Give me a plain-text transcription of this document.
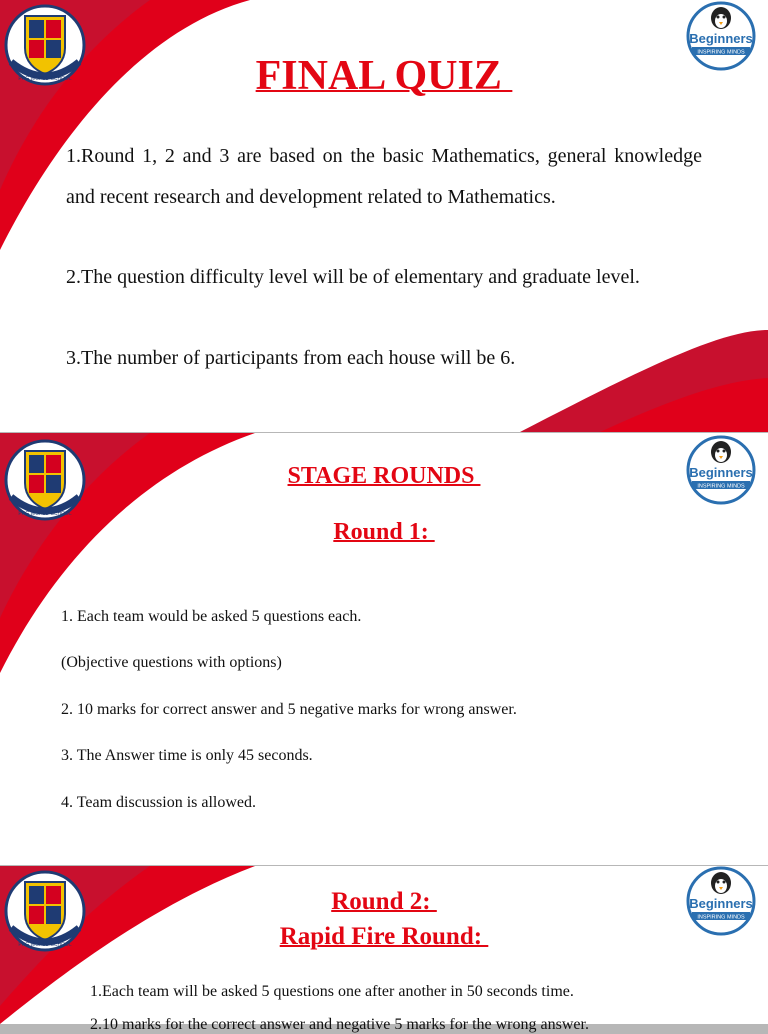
PRG WORLD SCHOOL
Beginners
INSPIRING MINDS
FINAL QUIZ
1.Round 1, 2 and 3 are based on the basic Mathematics, general knowledge and recent research and development related to Mathematics.
2.The question difficulty level will be of elementary and graduate level.
3.The number of participants from each house will be 6.
PRG WORLD SCHOOL
Beginners
INSPIRING MINDS
STAGE ROUNDS
Round 1:
1. Each team would be asked 5 questions each.
(Objective questions with options)
2. 10 marks for correct answer and 5 negative marks for wrong answer.
3. The Answer time is only 45 seconds.
4. Team discussion is allowed.
PRG WORLD SCHOOL
Beginners
INSPIRING MINDS
Round 2:
Rapid Fire Round:
1.Each team will be asked 5 questions one after another in 50 seconds time.
2.10 marks for the correct answer and negative 5 marks for the wrong answer.
